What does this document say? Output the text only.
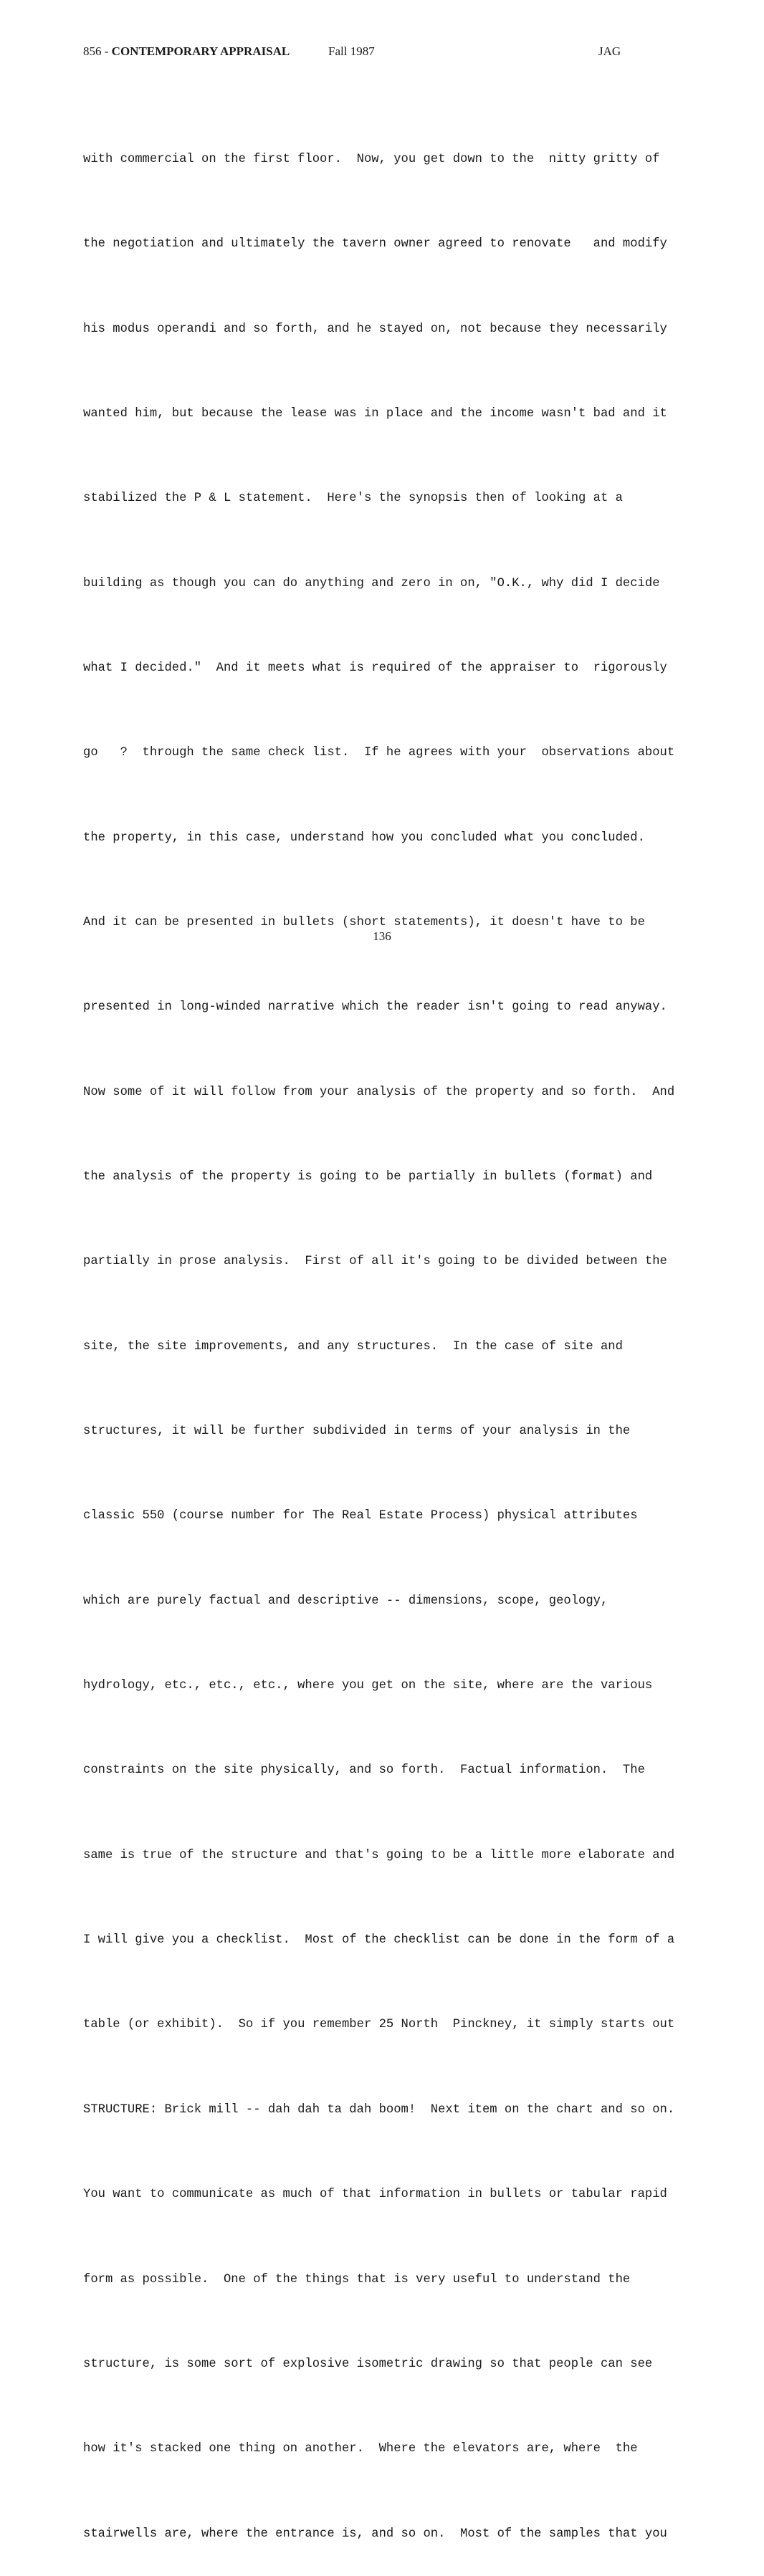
856 - CONTEMPORARY APPRAISAL	Fall 1987	JAG

with commercial on the first floor.  Now, you get down to the  nitty gritty of

the negotiation and ultimately the tavern owner agreed to renovate   and modify

his modus operandi and so forth, and he stayed on, not because they necessarily

wanted him, but because the lease was in place and the income wasn't bad and it

stabilized the P & L statement.  Here's the synopsis then of looking at a

building as though you can do anything and zero in on, "O.K., why did I decide

what I decided."  And it meets what is required of the appraiser to  rigorously

go   ?  through the same check list.  If he agrees with your  observations about

the property, in this case, understand how you concluded what you concluded.

And it can be presented in bullets (short statements), it doesn't have to be

presented in long-winded narrative which the reader isn't going to read anyway.

Now some of it will follow from your analysis of the property and so forth.  And

the analysis of the property is going to be partially in bullets (format) and

partially in prose analysis.  First of all it's going to be divided between the

site, the site improvements, and any structures.  In the case of site and

structures, it will be further subdivided in terms of your analysis in the

classic 550 (course number for The Real Estate Process) physical attributes

which are purely factual and descriptive -- dimensions, scope, geology,

hydrology, etc., etc., etc., where you get on the site, where are the various

constraints on the site physically, and so forth.  Factual information.  The

same is true of the structure and that's going to be a little more elaborate and

I will give you a checklist.  Most of the checklist can be done in the form of a

table (or exhibit).  So if you remember 25 North  Pinckney, it simply starts out

STRUCTURE: Brick mill -- dah dah ta dah boom!  Next item on the chart and so on.

You want to communicate as much of that information in bullets or tabular rapid

form as possible.  One of the things that is very useful to understand the

structure, is some sort of explosive isometric drawing so that people can see

how it's stacked one thing on another.  Where the elevators are, where  the

stairwells are, where the entrance is, and so on.  Most of the samples that you

136
